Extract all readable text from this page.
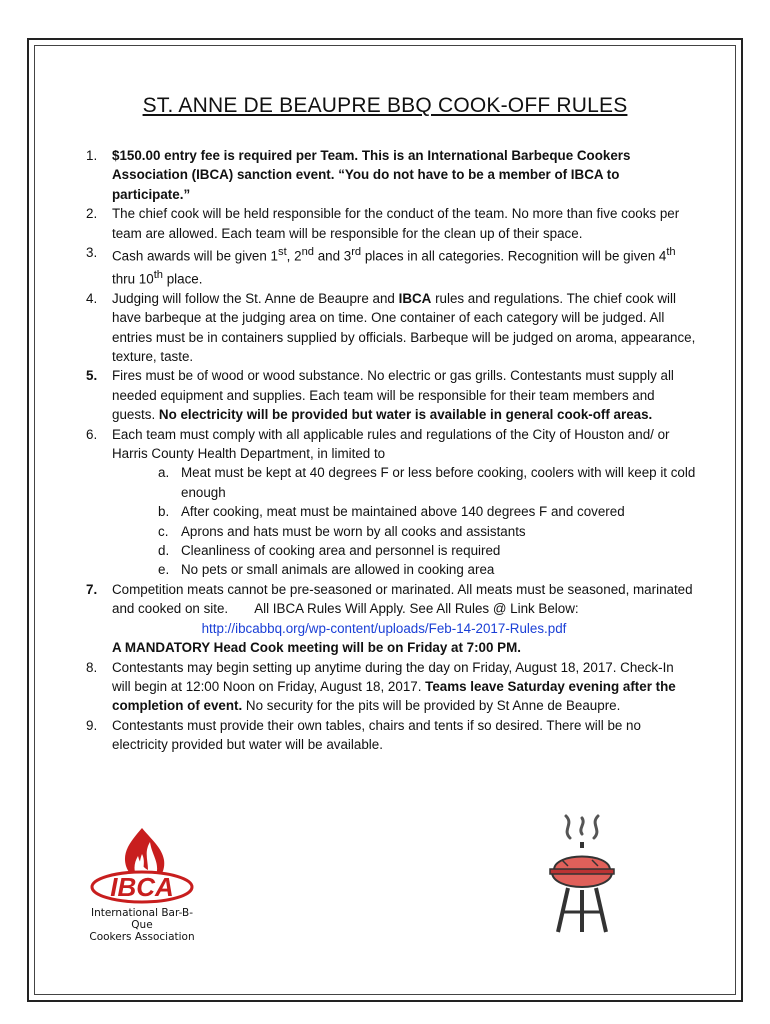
ST. ANNE DE BEAUPRE BBQ COOK-OFF RULES
1. $150.00 entry fee is required per Team. This is an International Barbeque Cookers Association (IBCA) sanction event. “You do not have to be a member of IBCA to participate.”
2. The chief cook will be held responsible for the conduct of the team. No more than five cooks per team are allowed. Each team will be responsible for the clean up of their space.
3. Cash awards will be given 1st, 2nd and 3rd places in all categories. Recognition will be given 4th thru 10th place.
4. Judging will follow the St. Anne de Beaupre and IBCA rules and regulations. The chief cook will have barbeque at the judging area on time. One container of each category will be judged. All entries must be in containers supplied by officials. Barbeque will be judged on aroma, appearance, texture, taste.
5. Fires must be of wood or wood substance. No electric or gas grills. Contestants must supply all needed equipment and supplies. Each team will be responsible for their team members and guests. No electricity will be provided but water is available in general cook-off areas.
6. Each team must comply with all applicable rules and regulations of the City of Houston and/ or Harris County Health Department, in limited to
a. Meat must be kept at 40 degrees F or less before cooking, coolers with will keep it cold enough
b. After cooking, meat must be maintained above 140 degrees F and covered
c. Aprons and hats must be worn by all cooks and assistants
d. Cleanliness of cooking area and personnel is required
e. No pets or small animals are allowed in cooking area
7. Competition meats cannot be pre-seasoned or marinated. All meats must be seasoned, marinated and cooked on site. All IBCA Rules Will Apply. See All Rules @ Link Below:
http://ibcabbq.org/wp-content/uploads/Feb-14-2017-Rules.pdf
A MANDATORY Head Cook meeting will be on Friday at 7:00 PM.
8. Contestants may begin setting up anytime during the day on Friday, August 18, 2017. Check-In will begin at 12:00 Noon on Friday, August 18, 2017. Teams leave Saturday evening after the completion of event. No security for the pits will be provided by St Anne de Beaupre.
9. Contestants must provide their own tables, chairs and tents if so desired. There will be no electricity provided but water will be available.
IBCA
International Bar-B-Que
Cookers Association
